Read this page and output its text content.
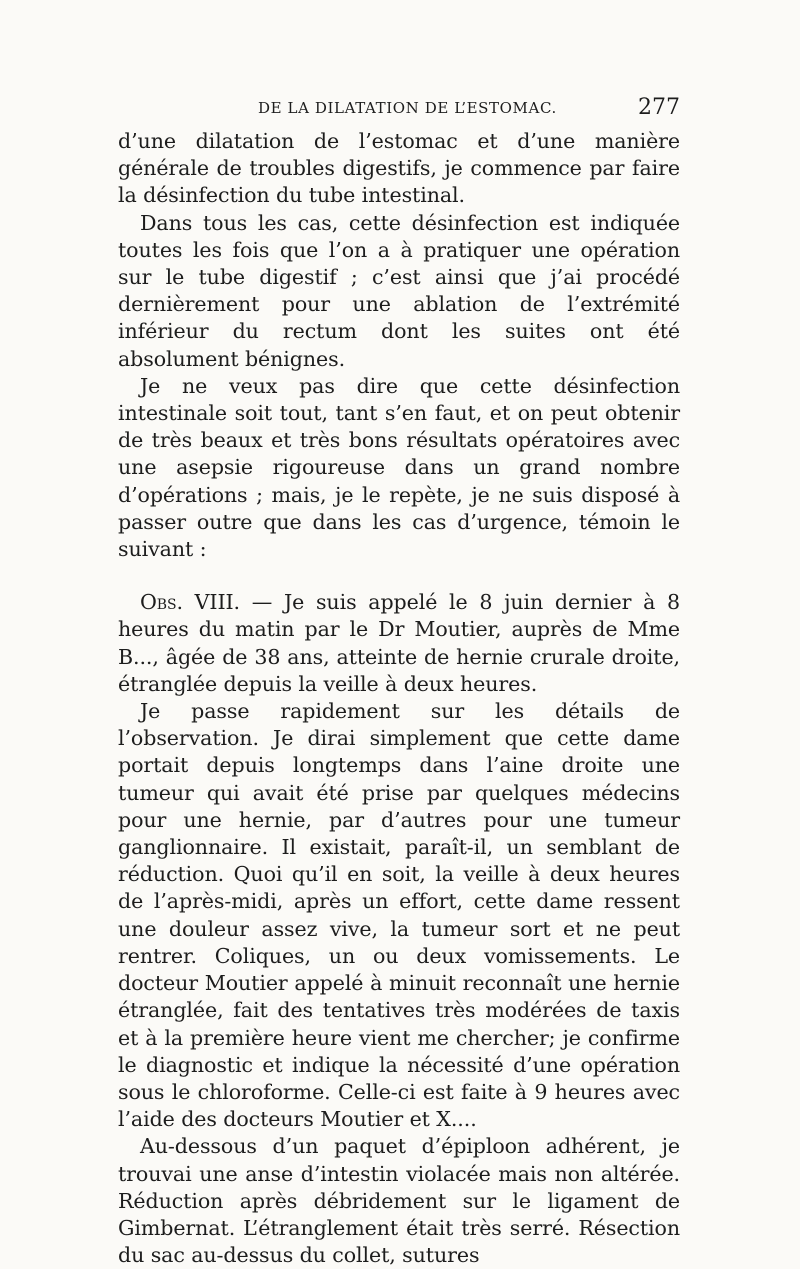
DE LA DILATATION DE L’ESTOMAC.	277

d’une dilatation de l’estomac et d’une manière générale de troubles digestifs, je commence par faire la désinfection du tube intestinal.

Dans tous les cas, cette désinfection est indiquée toutes les fois que l’on a à pratiquer une opération sur le tube digestif ; c’est ainsi que j’ai procédé dernièrement pour une ablation de l’extrémité inférieur du rectum dont les suites ont été absolument bénignes.

Je ne veux pas dire que cette désinfection intestinale soit tout, tant s’en faut, et on peut obtenir de très beaux et très bons résultats opératoires avec une asepsie rigoureuse dans un grand nombre d’opérations ; mais, je le repète, je ne suis disposé à passer outre que dans les cas d’urgence, témoin le suivant :

Obs. VIII. — Je suis appelé le 8 juin dernier à 8 heures du matin par le Dr Moutier, auprès de Mme B..., âgée de 38 ans, atteinte de hernie crurale droite, étranglée depuis la veille à deux heures.

Je passe rapidement sur les détails de l’observation. Je dirai simplement que cette dame portait depuis longtemps dans l’aine droite une tumeur qui avait été prise par quelques médecins pour une hernie, par d’autres pour une tumeur ganglionnaire. Il existait, paraît-il, un semblant de réduction. Quoi qu’il en soit, la veille à deux heures de l’après-midi, après un effort, cette dame ressent une douleur assez vive, la tumeur sort et ne peut rentrer. Coliques, un ou deux vomissements. Le docteur Moutier appelé à minuit reconnaît une hernie étranglée, fait des tentatives très modérées de taxis et à la première heure vient me chercher; je confirme le diagnostic et indique la nécessité d’une opération sous le chloroforme. Celle-ci est faite à 9 heures avec l’aide des docteurs Moutier et X....

Au-dessous d’un paquet d’épiploon adhérent, je trouvai une anse d’intestin violacée mais non altérée. Réduction après débridement sur le ligament de Gimbernat. L’étranglement était très serré. Résection du sac au-dessus du collet, sutures
